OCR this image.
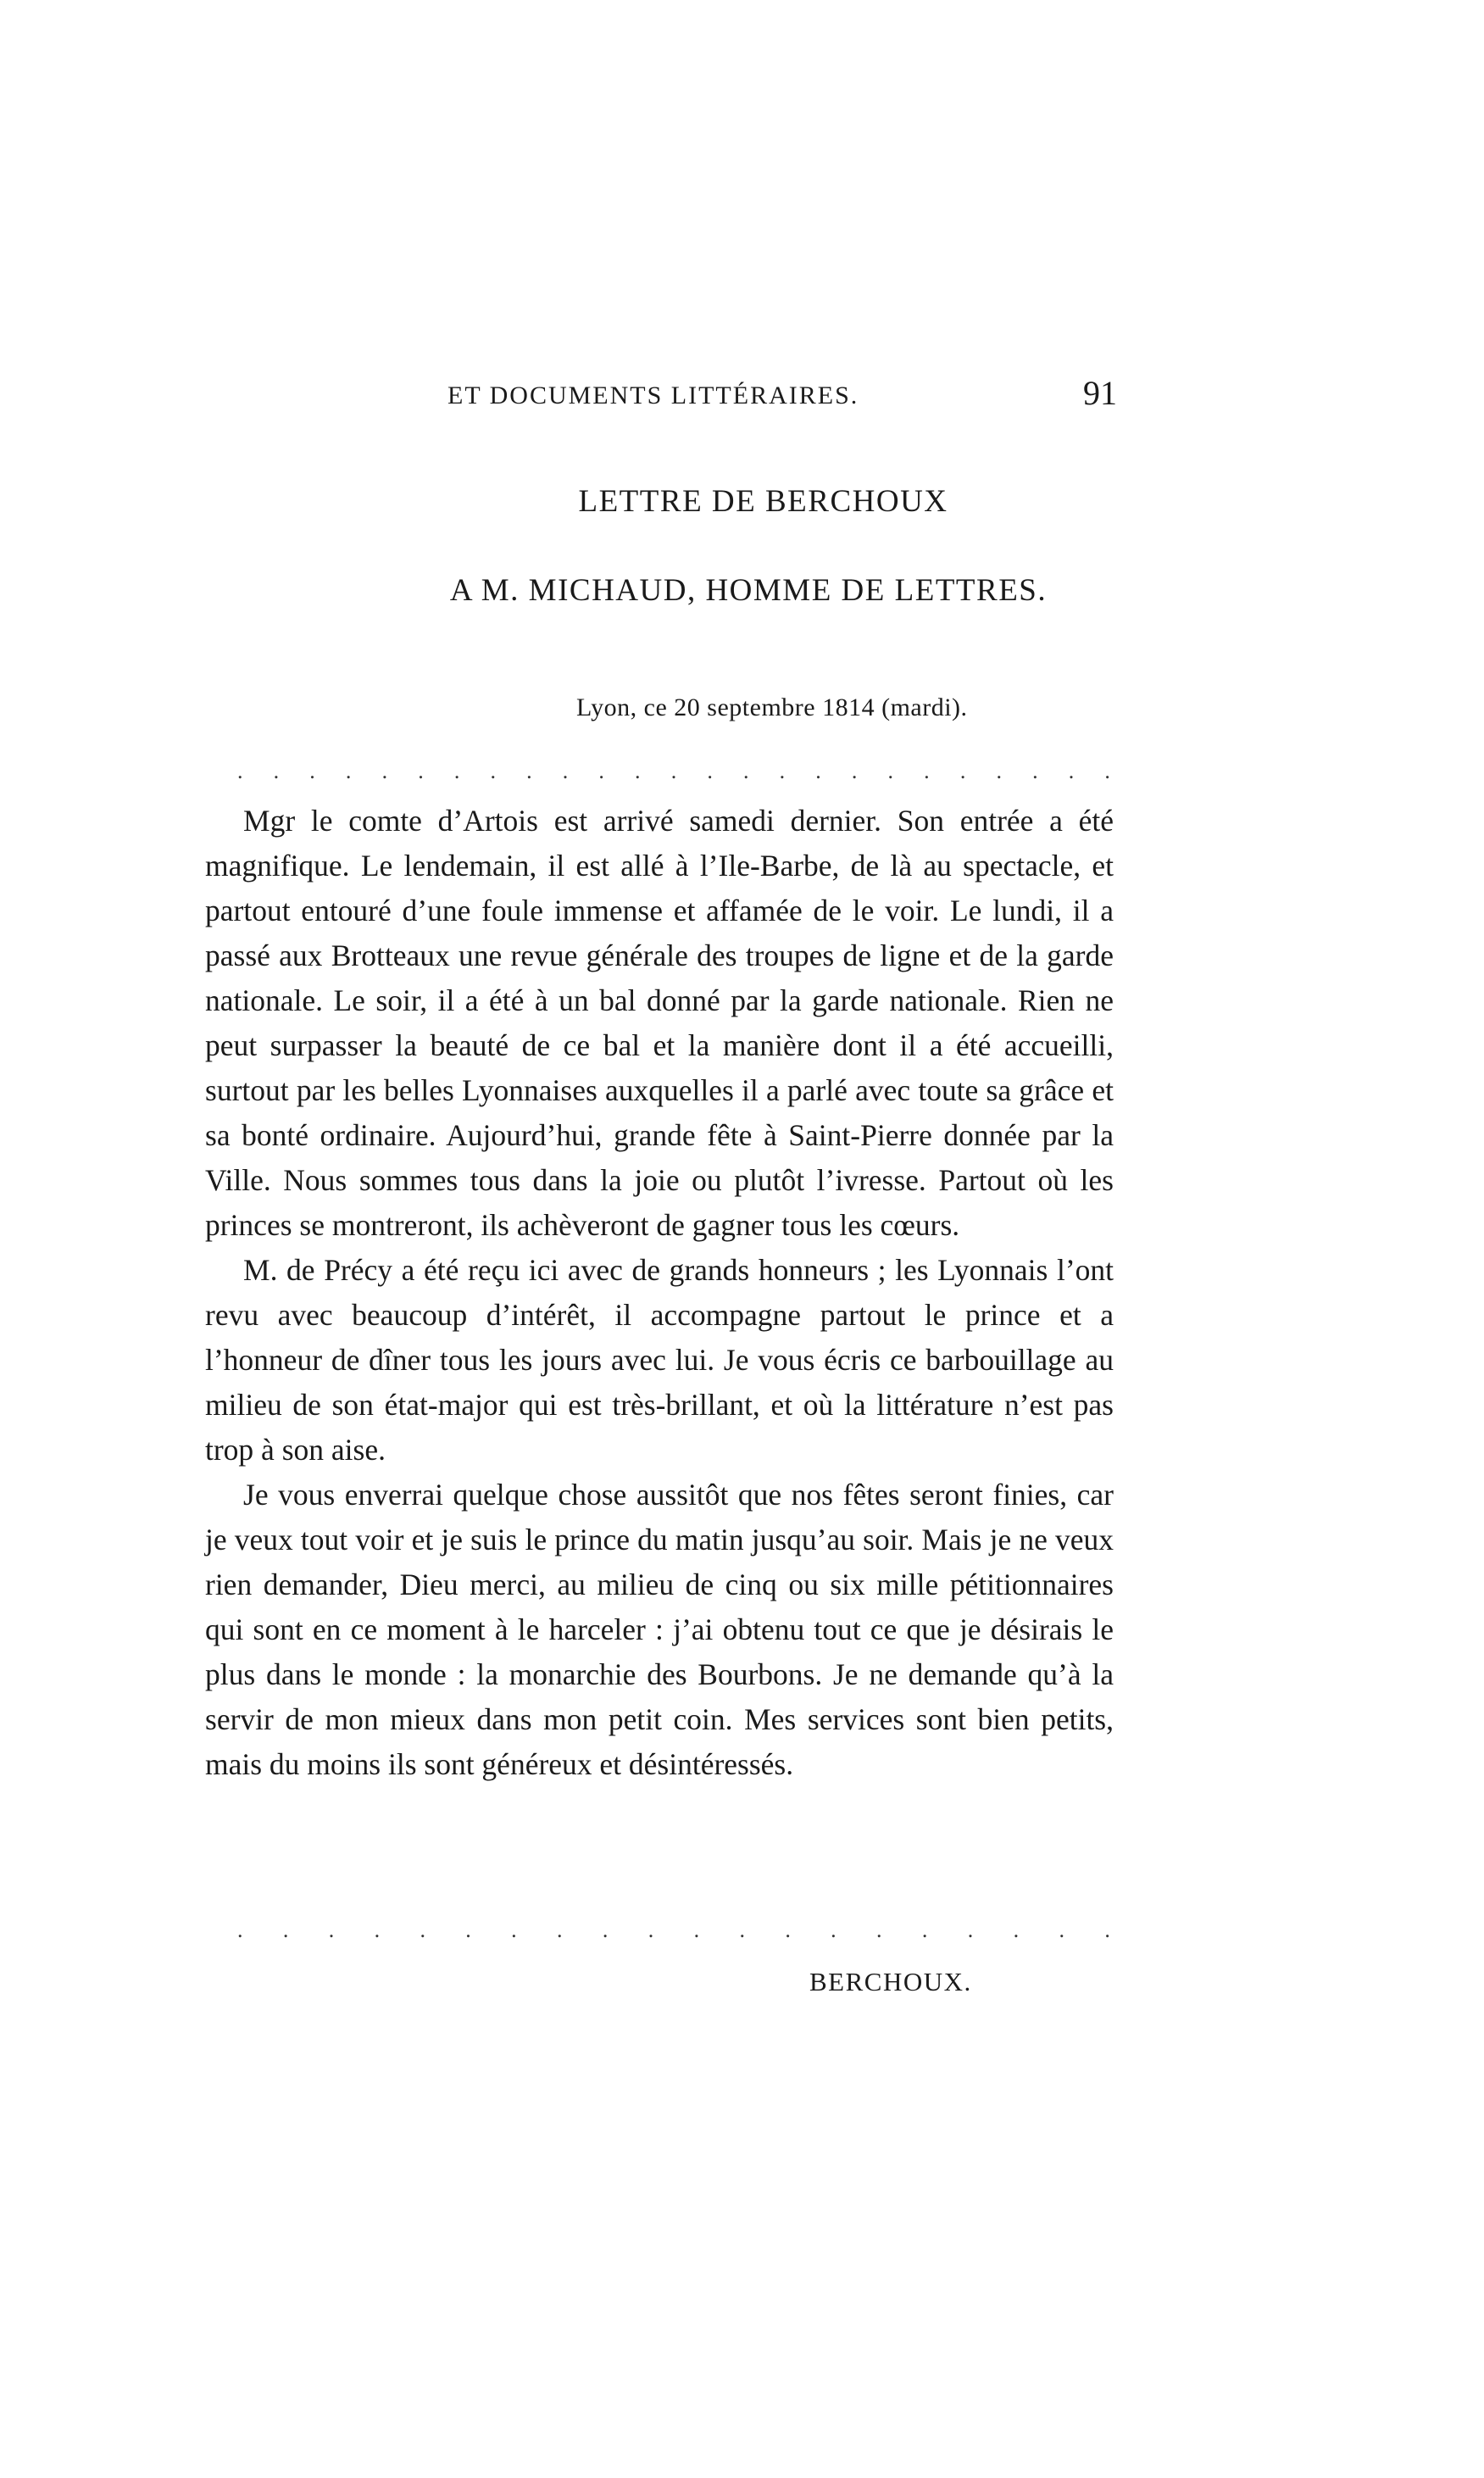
ET DOCUMENTS LITTÉRAIRES.	91
LETTRE DE BERCHOUX
A M. MICHAUD, HOMME DE LETTRES.
Lyon, ce 20 septembre 1814 (mardi).
. . . . . . . . . . . . . . . . . . . . . . . . .

Mgr le comte d’Artois est arrivé samedi dernier. Son entrée a été magnifique. Le lendemain, il est allé à l’Ile-Barbe, de là au spectacle, et partout entouré d’une foule immense et affamée de le voir. Le lundi, il a passé aux Brotteaux une revue générale des troupes de ligne et de la garde nationale. Le soir, il a été à un bal donné par la garde nationale. Rien ne peut surpasser la beauté de ce bal et la manière dont il a été accueilli, surtout par les belles Lyonnaises auxquelles il a parlé avec toute sa grâce et sa bonté ordinaire. Aujourd’hui, grande fête à Saint-Pierre donnée par la Ville. Nous sommes tous dans la joie ou plutôt l’ivresse. Partout où les princes se montreront, ils achèveront de gagner tous les cœurs.

M. de Précy a été reçu ici avec de grands honneurs ; les Lyonnais l’ont revu avec beaucoup d’intérêt, il accompagne partout le prince et a l’honneur de dîner tous les jours avec lui. Je vous écris ce barbouillage au milieu de son état-major qui est très-brillant, et où la littérature n’est pas trop à son aise.

Je vous enverrai quelque chose aussitôt que nos fêtes seront finies, car je veux tout voir et je suis le prince du matin jusqu’au soir. Mais je ne veux rien demander, Dieu merci, au milieu de cinq ou six mille pétitionnaires qui sont en ce moment à le harceler : j’ai obtenu tout ce que je désirais le plus dans le monde : la monarchie des Bourbons. Je ne demande qu’à la servir de mon mieux dans mon petit coin. Mes services sont bien petits, mais du moins ils sont généreux et désintéressés.

. . . . . . . . . . . . . . . . . . . .
BERCHOUX.
